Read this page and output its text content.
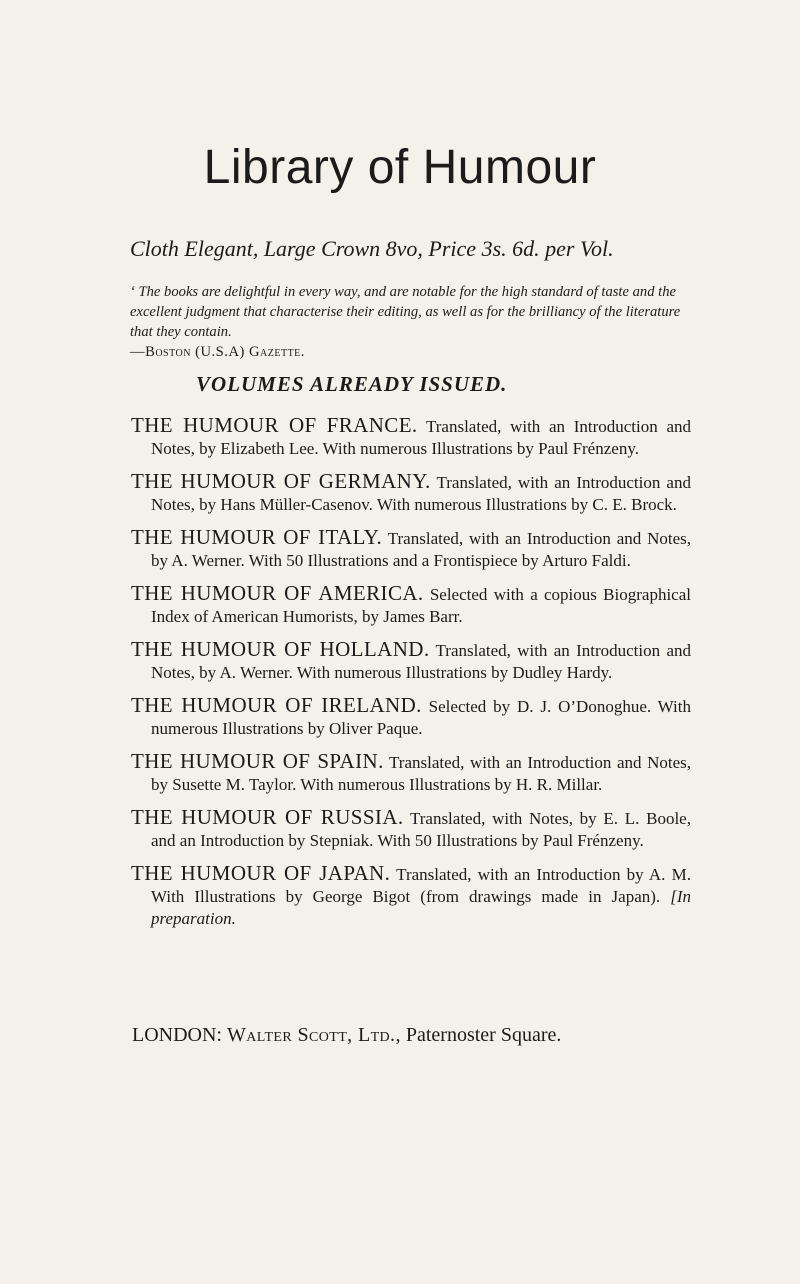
Library of Humour

Cloth Elegant, Large Crown 8vo, Price 3s. 6d. per Vol.

‘ The books are delightful in every way, and are notable for the high standard of taste and the excellent judgment that characterise their editing, as well as for the brilliancy of the literature that they contain.
—Boston (U.S.A) Gazette.

VOLUMES ALREADY ISSUED.
THE HUMOUR OF FRANCE. Translated, with an Introduction and Notes, by Elizabeth Lee. With numerous Illustrations by Paul Frénzeny.
THE HUMOUR OF GERMANY. Translated, with an Introduction and Notes, by Hans Müller-Casenov. With numerous Illustrations by C. E. Brock.
THE HUMOUR OF ITALY. Translated, with an Introduction and Notes, by A. Werner. With 50 Illustrations and a Frontispiece by Arturo Faldi.
THE HUMOUR OF AMERICA. Selected with a copious Biographical Index of American Humorists, by James Barr.
THE HUMOUR OF HOLLAND. Translated, with an Introduction and Notes, by A. Werner. With numerous Illustrations by Dudley Hardy.
THE HUMOUR OF IRELAND. Selected by D. J. O’Donoghue. With numerous Illustrations by Oliver Paque.
THE HUMOUR OF SPAIN. Translated, with an Introduction and Notes, by Susette M. Taylor. With numerous Illustrations by H. R. Millar.
THE HUMOUR OF RUSSIA. Translated, with Notes, by E. L. Boole, and an Introduction by Stepniak. With 50 Illustrations by Paul Frénzeny.
THE HUMOUR OF JAPAN. Translated, with an Introduction by A. M. With Illustrations by George Bigot (from drawings made in Japan). [In preparation.

LONDON: Walter Scott, Ltd., Paternoster Square.
